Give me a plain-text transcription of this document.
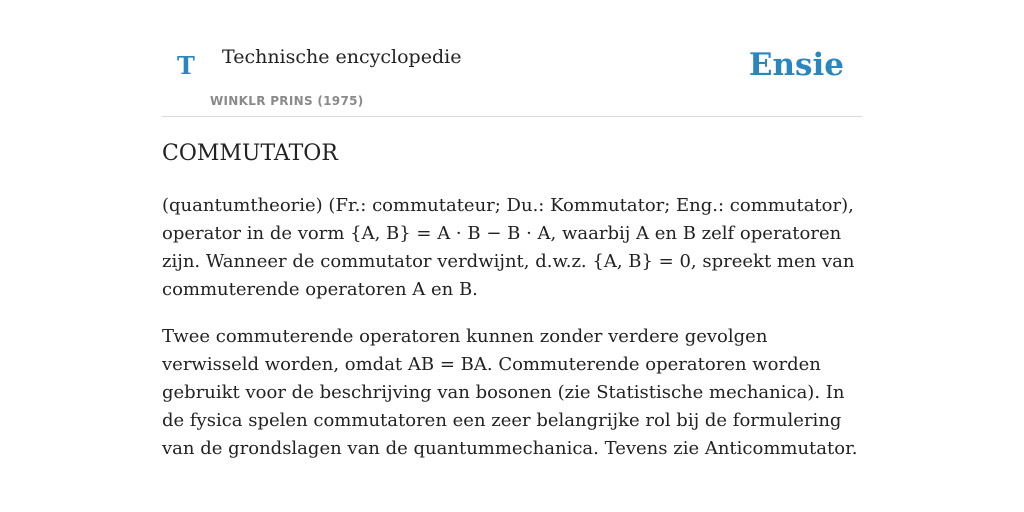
T Technische encyclopedie
WINKLR PRINS (1975)
Ensie
COMMUTATOR

(quantumtheorie) (Fr.: commutateur; Du.: Kommutator; Eng.: commutator), operator in de vorm {A, B} = A · B − B · A, waarbij A en B zelf operatoren zijn. Wanneer de commutator verdwijnt, d.w.z. {A, B} = 0, spreekt men van commuterende operatoren A en B.

Twee commuterende operatoren kunnen zonder verdere gevolgen verwisseld worden, omdat AB = BA. Commuterende operatoren worden gebruikt voor de beschrijving van bosonen (zie Statistische mechanica). In de fysica spelen commutatoren een zeer belangrijke rol bij de formulering van de grondslagen van de quantummechanica. Tevens zie Anticommutator.
